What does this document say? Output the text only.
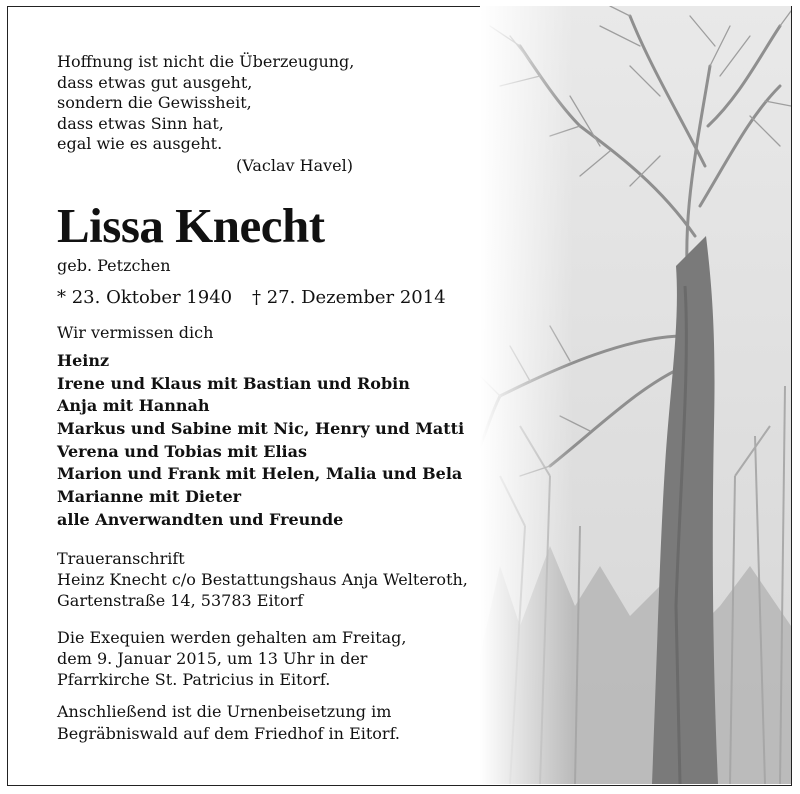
Hoffnung ist nicht die Überzeugung,
dass etwas gut ausgeht,
sondern die Gewissheit,
dass etwas Sinn hat,
egal wie es ausgeht.
(Vaclav Havel)
Lissa Knecht
geb. Petzchen
* 23. Oktober 1940 † 27. Dezember 2014
Wir vermissen dich
Heinz
Irene und Klaus mit Bastian und Robin
Anja mit Hannah
Markus und Sabine mit Nic, Henry und Matti
Verena und Tobias mit Elias
Marion und Frank mit Helen, Malia und Bela
Marianne mit Dieter
alle Anverwandten und Freunde
Traueranschrift
Heinz Knecht c/o Bestattungshaus Anja Welteroth,
Gartenstraße 14, 53783 Eitorf
Die Exequien werden gehalten am Freitag,
dem 9. Januar 2015, um 13 Uhr in der
Pfarrkirche St. Patricius in Eitorf.
Anschließend ist die Urnenbeisetzung im
Begräbniswald auf dem Friedhof in Eitorf.
